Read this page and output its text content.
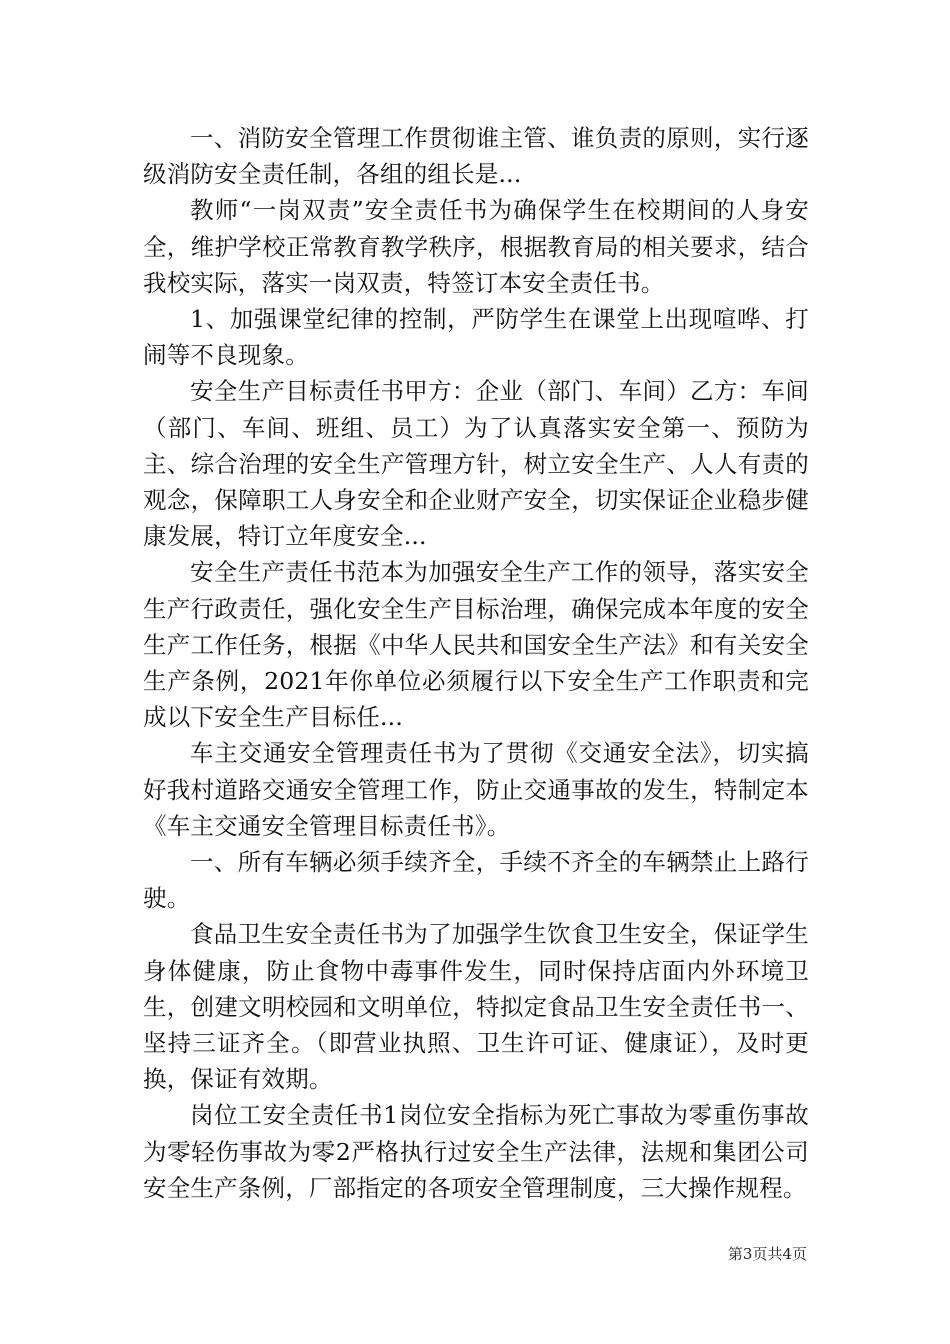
一、消防安全管理工作贯彻谁主管、谁负责的原则，实行逐级消防安全责任制，各组的组长是...

教师“一岗双责”安全责任书为确保学生在校期间的人身安全，维护学校正常教育教学秩序，根据教育局的相关要求，结合我校实际，落实一岗双责，特签订本安全责任书。

1、加强课堂纪律的控制，严防学生在课堂上出现喧哗、打闹等不良现象。

安全生产目标责任书甲方：企业（部门、车间）乙方：车间（部门、车间、班组、员工）为了认真落实安全第一、预防为主、综合治理的安全生产管理方针，树立安全生产、人人有责的观念，保障职工人身安全和企业财产安全，切实保证企业稳步健康发展，特订立年度安全...

安全生产责任书范本为加强安全生产工作的领导，落实安全生产行政责任，强化安全生产目标治理，确保完成本年度的安全生产工作任务，根据《中华人民共和国安全生产法》和有关安全生产条例，2021年你单位必须履行以下安全生产工作职责和完成以下安全生产目标任...

车主交通安全管理责任书为了贯彻《交通安全法》，切实搞好我村道路交通安全管理工作，防止交通事故的发生，特制定本《车主交通安全管理目标责任书》。

一、所有车辆必须手续齐全，手续不齐全的车辆禁止上路行驶。

食品卫生安全责任书为了加强学生饮食卫生安全，保证学生身体健康，防止食物中毒事件发生，同时保持店面内外环境卫生，创建文明校园和文明单位，特拟定食品卫生安全责任书一、坚持三证齐全。（即营业执照、卫生许可证、健康证），及时更换，保证有效期。

岗位工安全责任书1岗位安全指标为死亡事故为零重伤事故为零轻伤事故为零2严格执行过安全生产法律，法规和集团公司安全生产条例，厂部指定的各项安全管理制度，三大操作规程。

第3页共4页
